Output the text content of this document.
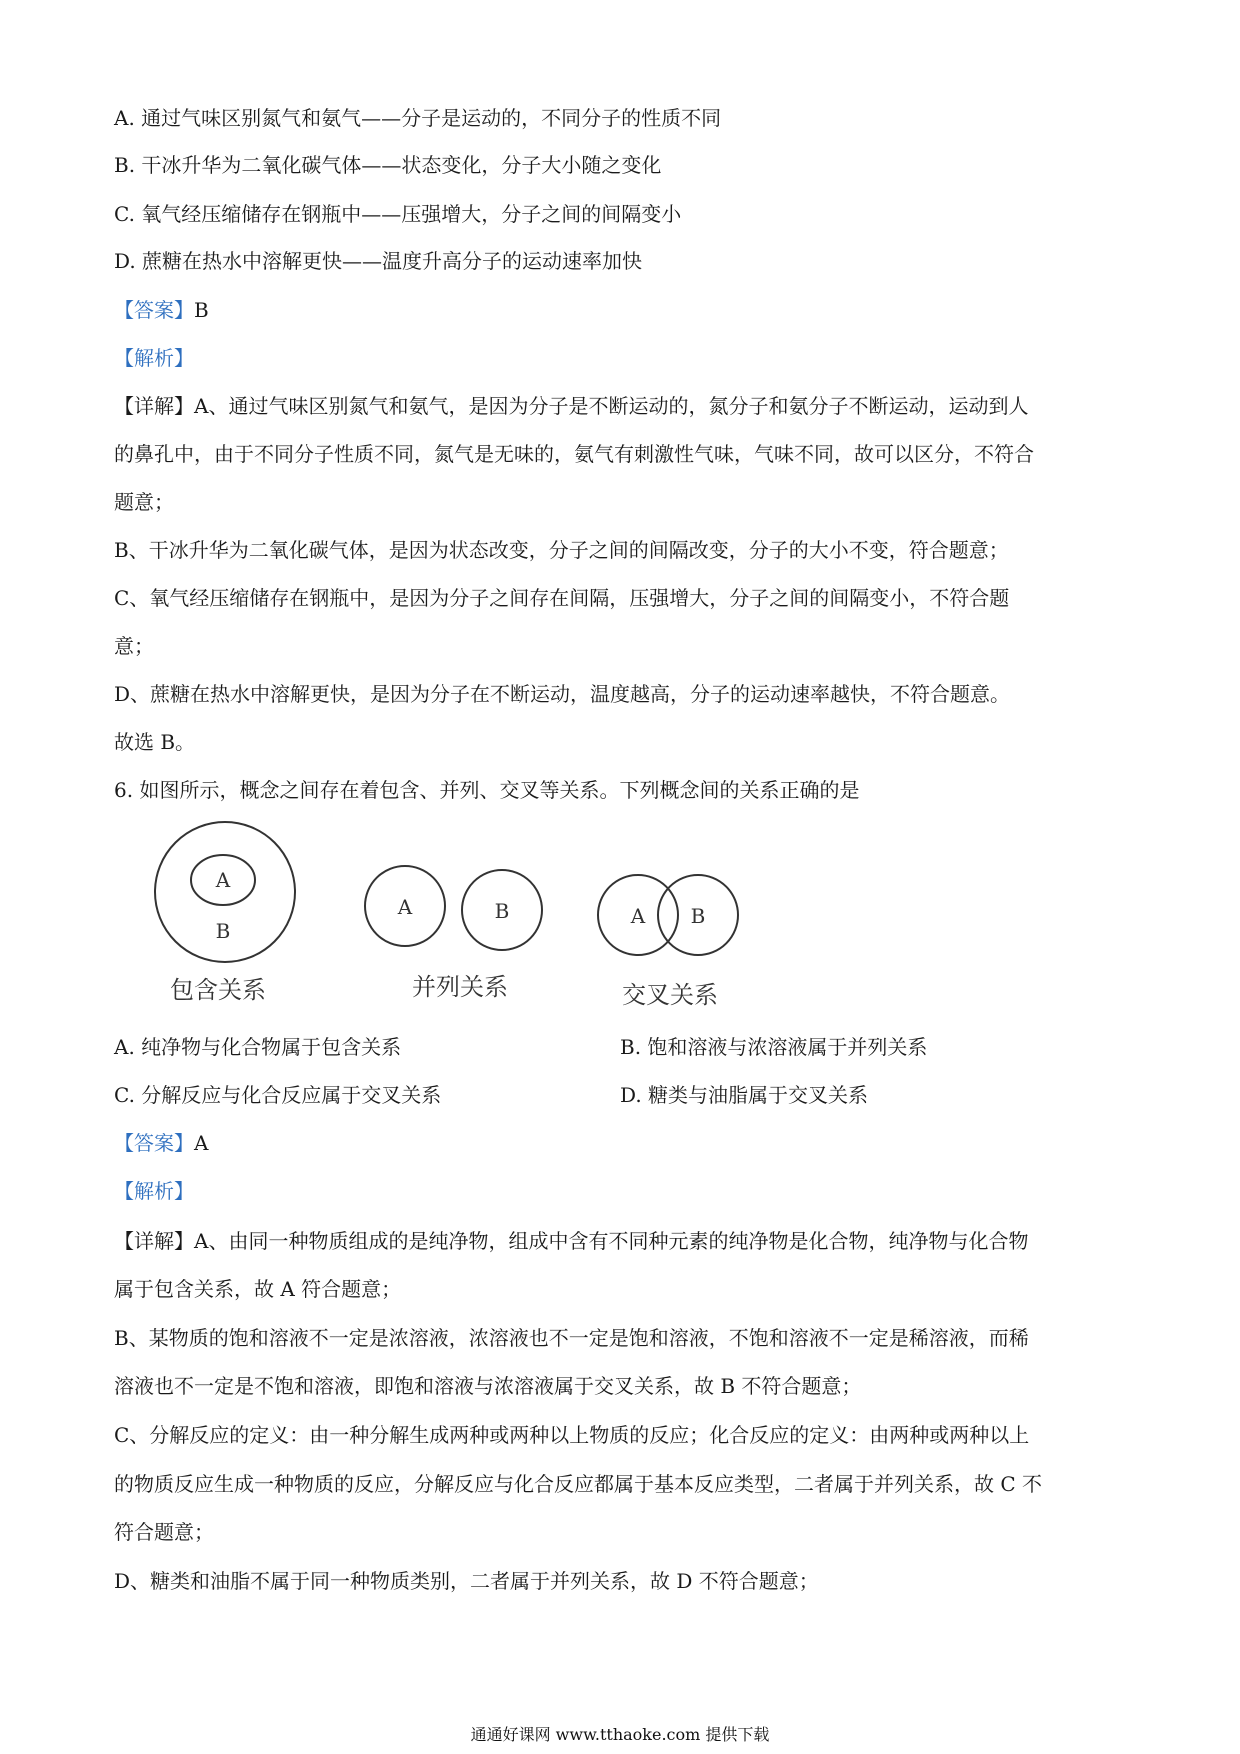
A. 通过气味区别氮气和氨气——分子是运动的，不同分子的性质不同
B. 干冰升华为二氧化碳气体——状态变化，分子大小随之变化
C. 氧气经压缩储存在钢瓶中——压强增大，分子之间的间隔变小
D. 蔗糖在热水中溶解更快——温度升高分子的运动速率加快
【答案】B
【解析】
【详解】A、通过气味区别氮气和氨气，是因为分子是不断运动的，氮分子和氨分子不断运动，运动到人
的鼻孔中，由于不同分子性质不同，氮气是无味的，氨气有刺激性气味，气味不同，故可以区分，不符合
题意；
B、干冰升华为二氧化碳气体，是因为状态改变，分子之间的间隔改变，分子的大小不变，符合题意；
C、氧气经压缩储存在钢瓶中，是因为分子之间存在间隔，压强增大，分子之间的间隔变小，不符合题
意；
D、蔗糖在热水中溶解更快，是因为分子在不断运动，温度越高，分子的运动速率越快，不符合题意。
故选 B。
6. 如图所示，概念之间存在着包含、并列、交叉等关系。下列概念间的关系正确的是
A
B
包含关系
A	B
并列关系
A B
交叉关系
A. 纯净物与化合物属于包含关系	B. 饱和溶液与浓溶液属于并列关系
C. 分解反应与化合反应属于交叉关系	D. 糖类与油脂属于交叉关系
【答案】A
【解析】
【详解】A、由同一种物质组成的是纯净物，组成中含有不同种元素的纯净物是化合物，纯净物与化合物
属于包含关系，故 A 符合题意；
B、某物质的饱和溶液不一定是浓溶液，浓溶液也不一定是饱和溶液，不饱和溶液不一定是稀溶液，而稀
溶液也不一定是不饱和溶液，即饱和溶液与浓溶液属于交叉关系，故 B 不符合题意；
C、分解反应的定义：由一种分解生成两种或两种以上物质的反应；化合反应的定义：由两种或两种以上
的物质反应生成一种物质的反应，分解反应与化合反应都属于基本反应类型，二者属于并列关系，故 C 不
符合题意；
D、糖类和油脂不属于同一种物质类别，二者属于并列关系，故 D 不符合题意；
通通好课网 www.tthaoke.com 提供下载
